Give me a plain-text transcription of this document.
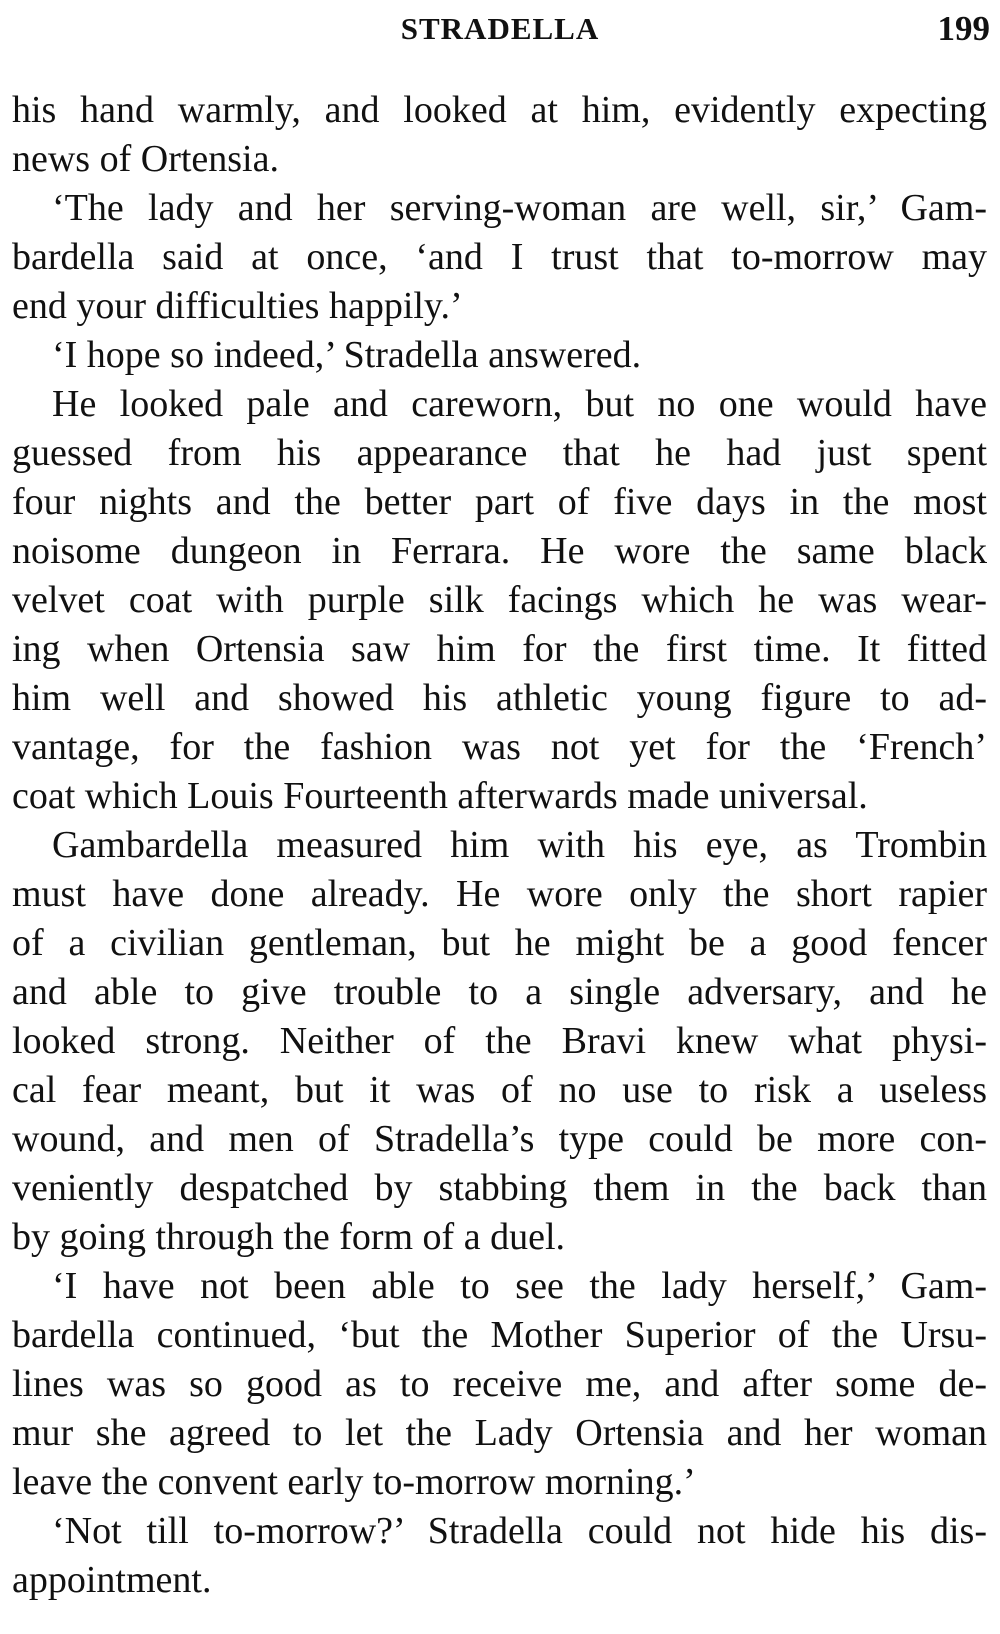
STRADELLA	199
his hand warmly, and looked at him, evidently expecting
news of Ortensia.
‘The lady and her serving-woman are well, sir,’ Gam-
bardella said at once, ‘and I trust that to-morrow may
end your difficulties happily.’
‘I hope so indeed,’ Stradella answered.
He looked pale and careworn, but no one would have
guessed from his appearance that he had just spent
four nights and the better part of five days in the most
noisome dungeon in Ferrara. He wore the same black
velvet coat with purple silk facings which he was wear-
ing when Ortensia saw him for the first time. It fitted
him well and showed his athletic young figure to ad-
vantage, for the fashion was not yet for the ‘French’
coat which Louis Fourteenth afterwards made universal.
Gambardella measured him with his eye, as Trombin
must have done already. He wore only the short rapier
of a civilian gentleman, but he might be a good fencer
and able to give trouble to a single adversary, and he
looked strong. Neither of the Bravi knew what physi-
cal fear meant, but it was of no use to risk a useless
wound, and men of Stradella’s type could be more con-
veniently despatched by stabbing them in the back than
by going through the form of a duel.
‘I have not been able to see the lady herself,’ Gam-
bardella continued, ‘but the Mother Superior of the Ursu-
lines was so good as to receive me, and after some de-
mur she agreed to let the Lady Ortensia and her woman
leave the convent early to-morrow morning.’
‘Not till to-morrow?’ Stradella could not hide his dis-
appointment.
